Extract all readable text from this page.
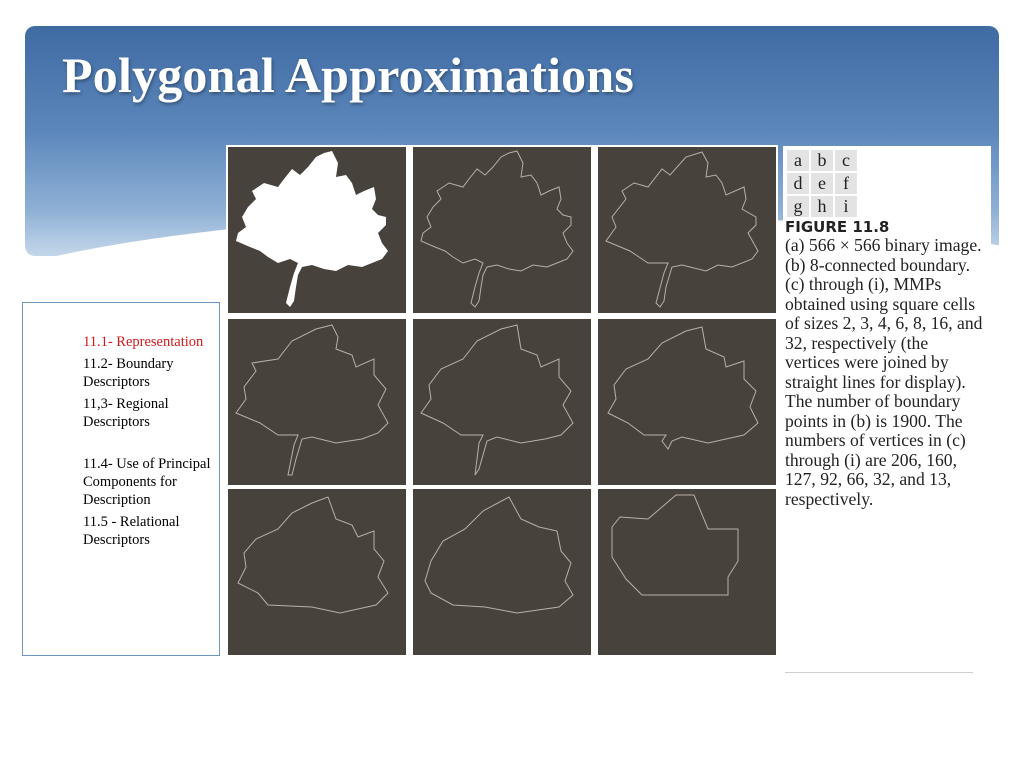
Polygonal Approximations
11.1- Representation
11.2- Boundary Descriptors
11,3- Regional Descriptors
11.4- Use of Principal Components for Description
11.5 - Relational Descriptors
a	b	c
d	e	f
g	h	i

FIGURE 11.8

(a) 566 × 566 binary image. (b) 8-connected boundary. (c) through (i), MMPs obtained using square cells of sizes 2, 3, 4, 6, 8, 16, and 32, respectively (the vertices were joined by straight lines for display). The number of boundary points in (b) is 1900. The numbers of vertices in (c) through (i) are 206, 160, 127, 92, 66, 32, and 13, respectively.
